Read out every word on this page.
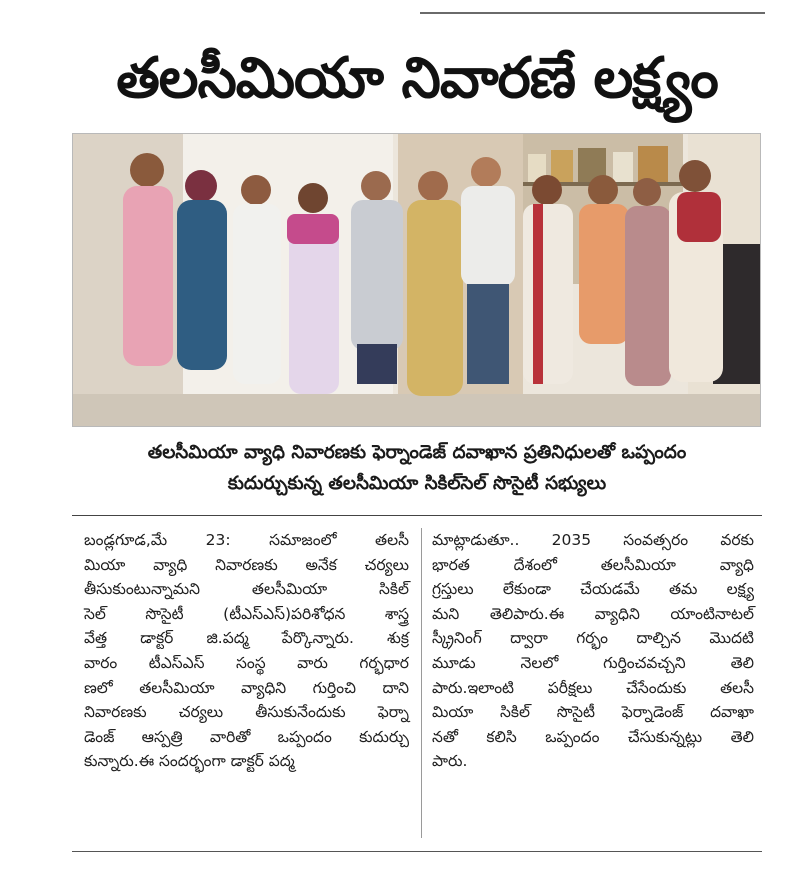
తలసీమియా నివారణే లక్ష్యం
తలసీమియా వ్యాధి నివారణకు ఫెర్నాండెజ్ దవాఖాన ప్రతినిధులతో ఒప్పందం
కుదుర్చుకున్న తలసీమియా సికిల్‌సెల్ సొసైటీ సభ్యులు
బండ్లగూడ,మే 23: సమాజంలో తలసీ
మియా వ్యాధి నివారణకు అనేక చర్యలు
తీసుకుంటున్నామని తలసీమియా సికిల్
సెల్ సొసైటీ (టీఎస్ఎస్)పరిశోధన శాస్త్ర
వేత్త డాక్టర్ జి.పద్మ పేర్కొన్నారు. శుక్ర
వారం టీఎస్ఎస్ సంస్థ వారు గర్భధార
ణలో తలసీమియా వ్యాధిని గుర్తించి దాని
నివారణకు చర్యలు తీసుకునేందుకు ఫెర్నా
డెంజ్ ఆస్పత్రి వారితో ఒప్పందం కుదుర్చు
కున్నారు.ఈ సందర్భంగా డాక్టర్ పద్మ
మాట్లాడుతూ.. 2035 సంవత్సరం వరకు
భారత దేశంలో తలసీమియా వ్యాధి
గ్రస్తులు లేకుండా చేయడమే తమ లక్ష్య
మని తెలిపారు.ఈ వ్యాధిని యాంటినాటల్
స్క్రీనింగ్ ద్వారా గర్భం దాల్చిన మొదటి
మూడు నెలలో గుర్తించవచ్చని తెలి
పారు.ఇలాంటి పరీక్షలు చేసేందుకు తలసీ
మియా సికిల్ సొసైటీ ఫెర్నాడెంజ్ దవాఖా
నతో కలిసి ఒప్పందం చేసుకున్నట్లు తెలి
పారు.
